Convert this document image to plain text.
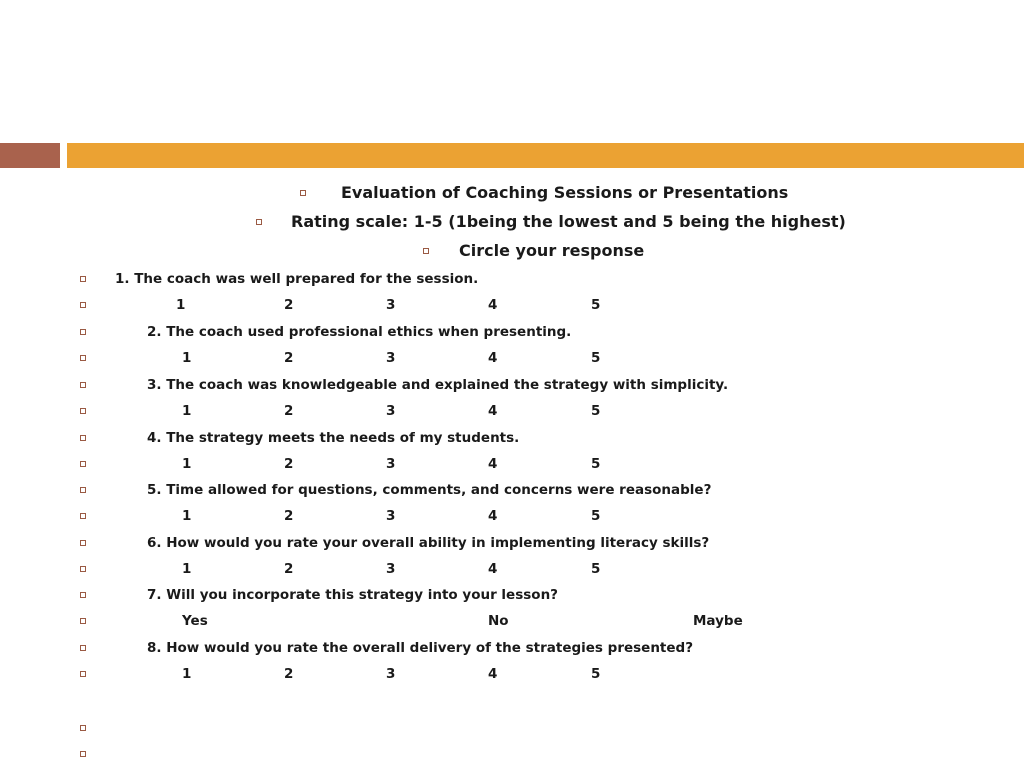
Evaluation of Coaching Sessions or Presentations
Rating scale: 1-5 (1being the lowest and 5 being the highest)
Circle your response
1. The coach was well prepared for the session.
1	2	3	4	5
2. The coach used professional ethics when presenting.
1	2	3	4	5
3. The coach was knowledgeable and explained the strategy with simplicity.
1	2	3	4	5
4. The strategy meets the needs of my students.
1	2	3	4	5
5. Time allowed for questions, comments, and concerns were reasonable?
1	2	3	4	5
6. How would you rate your overall ability in implementing literacy skills?
1	2	3	4	5
7. Will you incorporate this strategy into your lesson?
Yes	No	Maybe
8. How would you rate the overall delivery of the strategies presented?
1	2	3	4	5
